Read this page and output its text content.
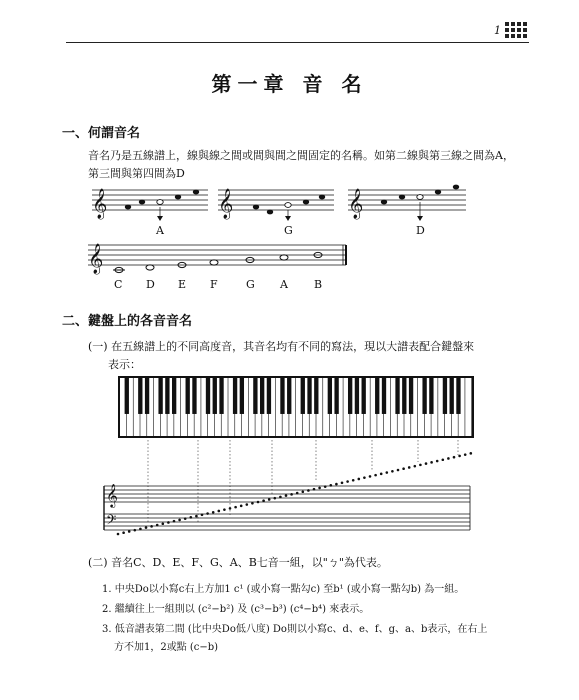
1
第一章 音 名
一、何謂音名
音名乃是五線譜上，線與線之間或間與間之間固定的名稱。如第二線與第三線之間為A，
第三間與第四間為D
𝄞	𝄞	𝄞
𝄞
A	G	D
C D E F	G A B
二、鍵盤上的各音音名
(一) 在五線譜上的不同高度音，其音名均有不同的寫法，現以大譜表配合鍵盤來
表示：
𝄞
𝄢
(二) 音名C、D、E、F、G、A、B七音一組，以"ㄅ"為代表。
1. 中央Do以小寫c右上方加1 c¹ (或小寫一點勾c) 至b¹ (或小寫一點勾b) 為一組。
2. 繼續往上一組則以 (c²−b²) 及 (c³−b³) (c⁴−b⁴) 來表示。
3. 低音譜表第二間 (比中央Do低八度) Do則以小寫c、d、e、f、g、a、b表示，在右上
方不加1，2或點 (c−b)
